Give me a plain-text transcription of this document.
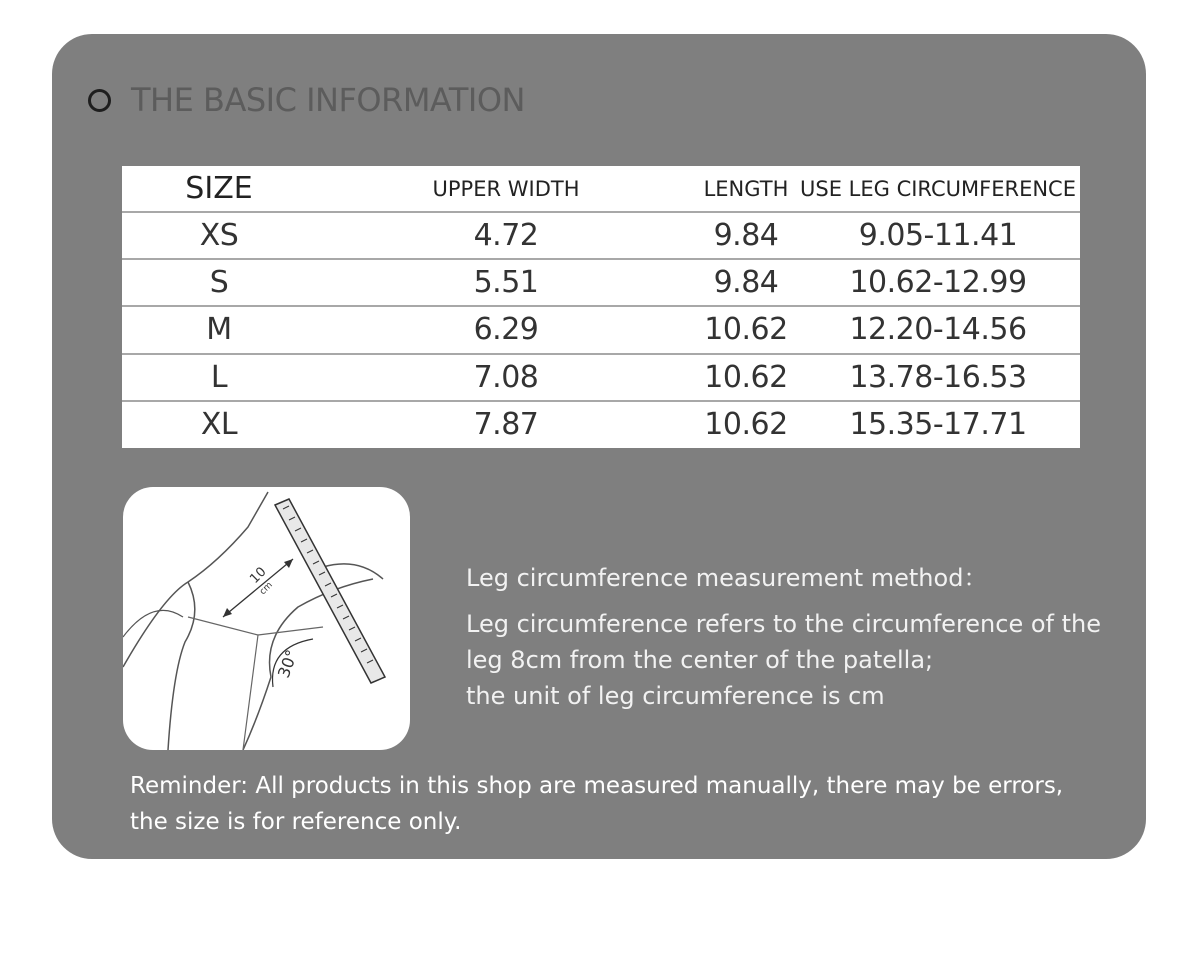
THE BASIC INFORMATION
SIZE	UPPER WIDTH	LENGTH	USE LEG CIRCUMFERENCE
XS	4.72	9.84	9.05-11.41
S	5.51	9.84	10.62-12.99
M	6.29	10.62	12.20-14.56
L	7.08	10.62	13.78-16.53
XL	7.87	10.62	15.35-17.71
10
cm
30°
Leg circumference measurement method：
Leg circumference refers to the circumference of the
leg 8cm from the center of the patella;
the unit of leg circumference is cm
Reminder: All products in this shop are measured manually, there may be errors,
the size is for reference only.
